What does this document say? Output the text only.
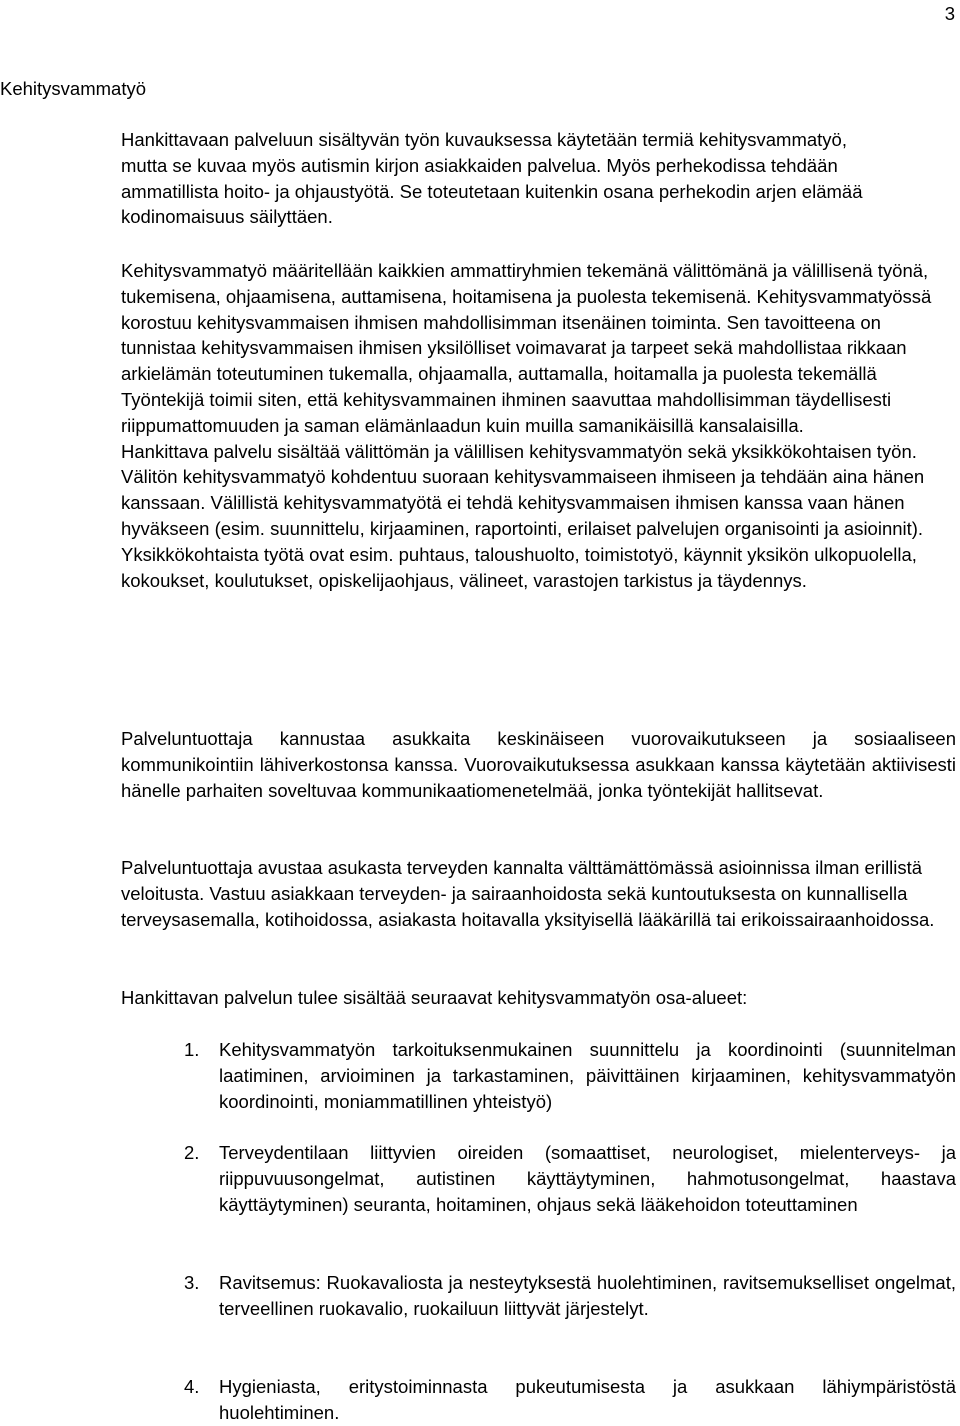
3
Kehitysvammatyö

Hankittavaan palveluun sisältyvän työn kuvauksessa käytetään termiä kehitysvammatyö, mutta se kuvaa myös autismin kirjon asiakkaiden palvelua. Myös perhekodissa tehdään ammatillista hoito- ja ohjaustyötä. Se toteutetaan kuitenkin osana perhekodin arjen elämää kodinomaisuus säilyttäen.

Kehitysvammatyö määritellään kaikkien ammattiryhmien tekemänä välittömänä ja välillisenä työnä, tukemisena, ohjaamisena, auttamisena, hoitamisena ja puolesta tekemisenä. Kehitysvammatyössä korostuu kehitysvammaisen ihmisen mahdollisimman itsenäinen toiminta. Sen tavoitteena on tunnistaa kehitysvammaisen ihmisen yksilölliset voimavarat ja tarpeet sekä mahdollistaa rikkaan arkielämän toteutuminen tukemalla, ohjaamalla, auttamalla, hoitamalla ja puolesta tekemällä Työntekijä toimii siten, että kehitysvammainen ihminen saavuttaa mahdollisimman täydellisesti riippumattomuuden ja saman elämänlaadun kuin muilla samanikäisillä kansalaisilla.

Hankittava palvelu sisältää välittömän ja välillisen kehitysvammatyön sekä yksikkökohtaisen työn. Välitön kehitysvammatyö kohdentuu suoraan kehitysvammaiseen ihmiseen ja tehdään aina hänen kanssaan. Välillistä kehitysvammatyötä ei tehdä kehitysvammaisen ihmisen kanssa vaan hänen hyväkseen (esim. suunnittelu, kirjaaminen, raportointi, erilaiset palvelujen organisointi ja asioinnit). Yksikkökohtaista työtä ovat esim. puhtaus, taloushuolto, toimistotyö, käynnit yksikön ulkopuolella, kokoukset, koulutukset, opiskelijaohjaus, välineet, varastojen tarkistus ja täydennys.

Palveluntuottaja kannustaa asukkaita keskinäiseen vuorovaikutukseen ja sosiaaliseen kommunikointiin lähiverkostonsa kanssa. Vuorovaikutuksessa asukkaan kanssa käytetään aktiivisesti hänelle parhaiten soveltuvaa kommunikaatiomenetelmää, jonka työntekijät hallitsevat.

Palveluntuottaja avustaa asukasta terveyden kannalta välttämättömässä asioinnissa ilman erillistä veloitusta. Vastuu asiakkaan terveyden- ja sairaanhoidosta sekä kuntoutuksesta on kunnallisella terveysasemalla, kotihoidossa, asiakasta hoitavalla yksityisellä lääkärillä tai erikoissairaanhoidossa.

Hankittavan palvelun tulee sisältää seuraavat kehitysvammatyön osa-alueet:

1. Kehitysvammatyön tarkoituksenmukainen suunnittelu ja koordinointi (suunnitelman laatiminen, arvioiminen ja tarkastaminen, päivittäinen kirjaaminen, kehitysvammatyön koordinointi, moniammatillinen yhteistyö)
2. Terveydentilaan liittyvien oireiden (somaattiset, neurologiset, mielenterveys- ja riippuvuusongelmat, autistinen käyttäytyminen, hahmotusongelmat, haastava käyttäytyminen) seuranta, hoitaminen, ohjaus sekä lääkehoidon toteuttaminen
3. Ravitsemus: Ruokavaliosta ja nesteytyksestä huolehtiminen, ravitsemukselliset ongelmat, terveellinen ruokavalio, ruokailuun liittyvät järjestelyt.
4. Hygieniasta, eritystoiminnasta pukeutumisesta ja asukkaan lähiympäristöstä huolehtiminen.
